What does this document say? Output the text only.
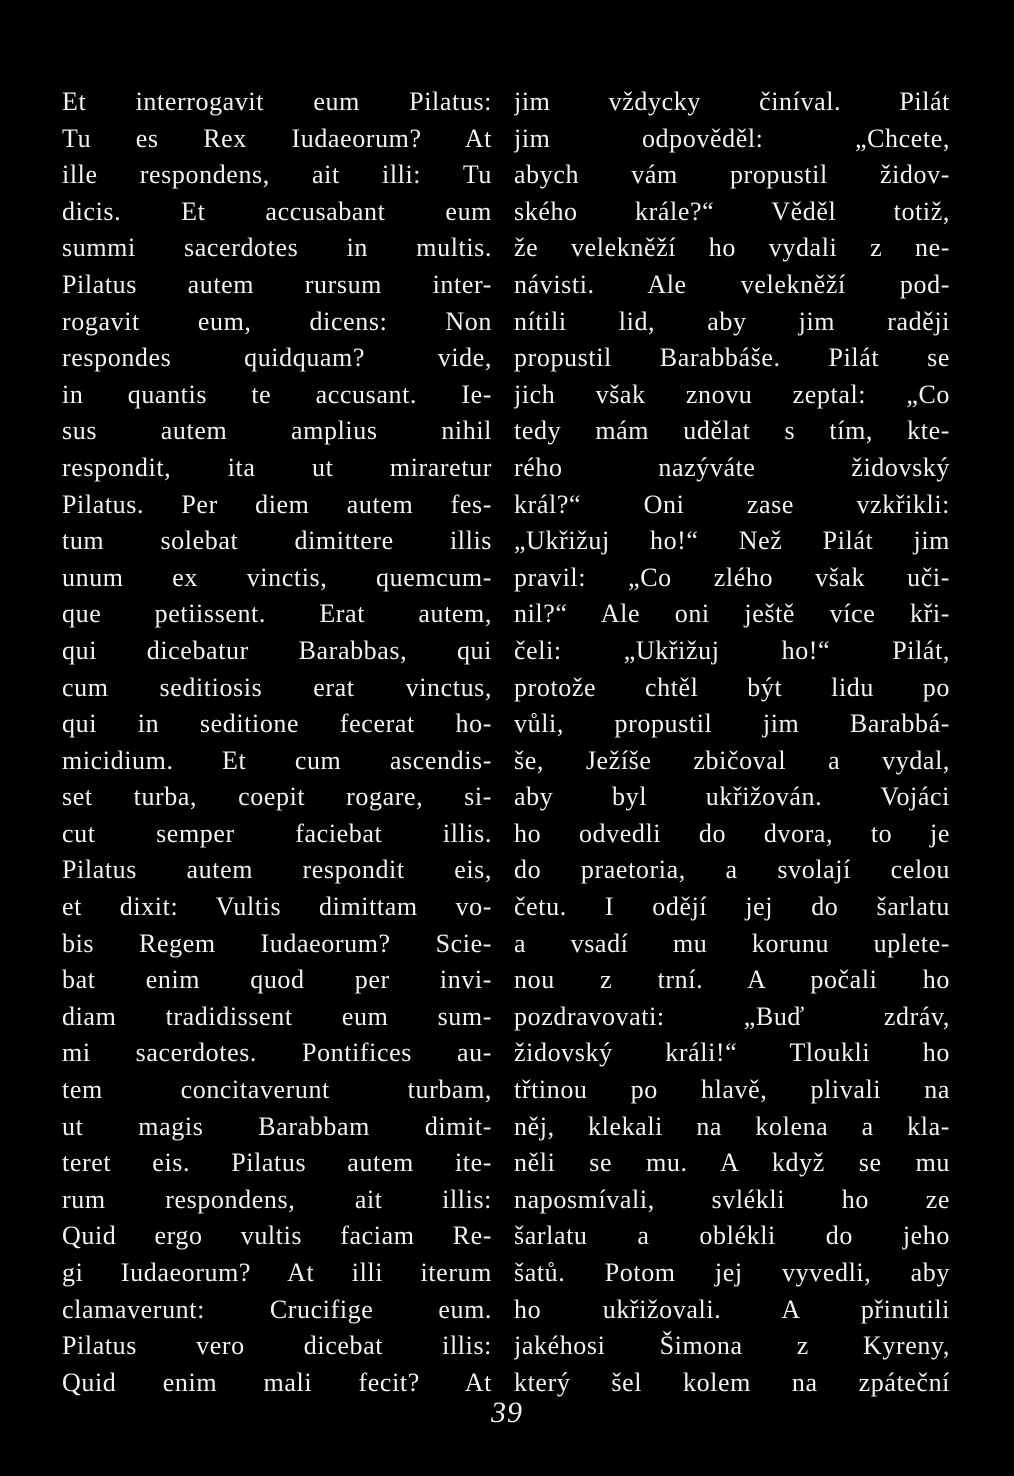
Et interrogavit eum Pilatus:
Tu es Rex Iudaeorum? At
ille respondens, ait illi: Tu
dicis. Et accusabant eum
summi sacerdotes in multis.
Pilatus autem rursum inter-
rogavit eum, dicens: Non
respondes quidquam? vide,
in quantis te accusant. Ie-
sus autem amplius nihil
respondit, ita ut miraretur
Pilatus. Per diem autem fes-
tum solebat dimittere illis
unum ex vinctis, quemcum-
que petiissent. Erat autem,
qui dicebatur Barabbas, qui
cum seditiosis erat vinctus,
qui in seditione fecerat ho-
micidium. Et cum ascendis-
set turba, coepit rogare, si-
cut semper faciebat illis.
Pilatus autem respondit eis,
et dixit: Vultis dimittam vo-
bis Regem Iudaeorum? Scie-
bat enim quod per invi-
diam tradidissent eum sum-
mi sacerdotes. Pontifices au-
tem concitaverunt turbam,
ut magis Barabbam dimit-
teret eis. Pilatus autem ite-
rum respondens, ait illis:
Quid ergo vultis faciam Re-
gi Iudaeorum? At illi iterum
clamaverunt: Crucifige eum.
Pilatus vero dicebat illis:
Quid enim mali fecit? At
jim vždycky činíval. Pilát
jim odpověděl: „Chcete,
abych vám propustil židov-
ského krále?“ Věděl totiž,
že velekněží ho vydali z ne-
návisti. Ale velekněží pod-
nítili lid, aby jim raději
propustil Barabbáše. Pilát se
jich však znovu zeptal: „Co
tedy mám udělat s tím, kte-
rého nazýváte židovský
král?“ Oni zase vzkřikli:
„Ukřižuj ho!“ Než Pilát jim
pravil: „Co zlého však uči-
nil?“ Ale oni ještě více kři-
čeli: „Ukřižuj ho!“ Pilát,
protože chtěl být lidu po
vůli, propustil jim Barabbá-
še, Ježíše zbičoval a vydal,
aby byl ukřižován. Vojáci
ho odvedli do dvora, to je
do praetoria, a svolají celou
četu. I odějí jej do šarlatu
a vsadí mu korunu uplete-
nou z trní. A počali ho
pozdravovati: „Buď zdráv,
židovský králi!“ Tloukli ho
třtinou po hlavě, plivali na
něj, klekali na kolena a kla-
něli se mu. A když se mu
naposmívali, svlékli ho ze
šarlatu a oblékli do jeho
šatů. Potom jej vyvedli, aby
ho ukřižovali. A přinutili
jakéhosi Šimona z Kyreny,
který šel kolem na zpáteční
39
